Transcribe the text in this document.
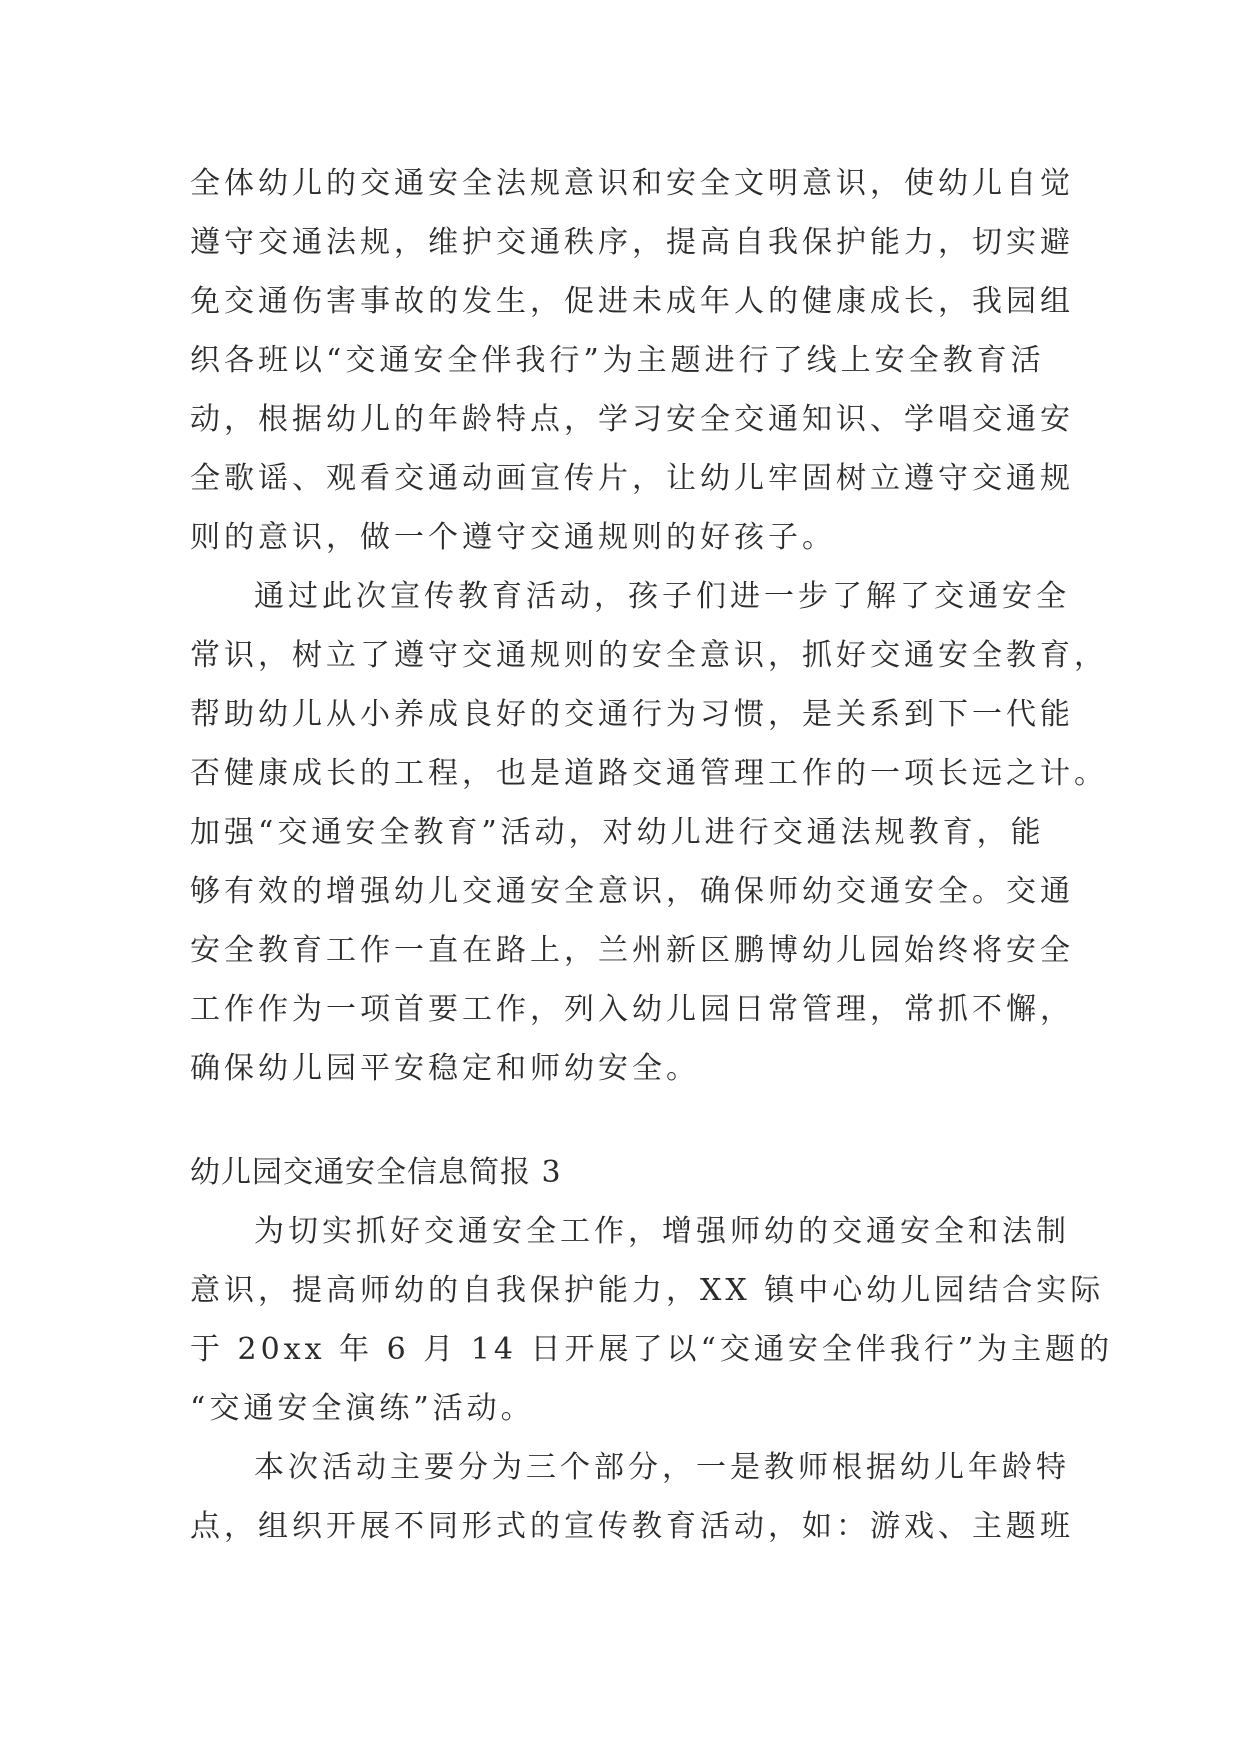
全体幼儿的交通安全法规意识和安全文明意识，使幼儿自觉
遵守交通法规，维护交通秩序，提高自我保护能力，切实避
免交通伤害事故的发生，促进未成年人的健康成长，我园组
织各班以“交通安全伴我行”为主题进行了线上安全教育活
动，根据幼儿的年龄特点，学习安全交通知识、学唱交通安
全歌谣、观看交通动画宣传片，让幼儿牢固树立遵守交通规
则的意识，做一个遵守交通规则的好孩子。

通过此次宣传教育活动，孩子们进一步了解了交通安全
常识，树立了遵守交通规则的安全意识，抓好交通安全教育，
帮助幼儿从小养成良好的交通行为习惯，是关系到下一代能
否健康成长的工程，也是道路交通管理工作的一项长远之计。
加强“交通安全教育”活动，对幼儿进行交通法规教育，能
够有效的增强幼儿交通安全意识，确保师幼交通安全。交通
安全教育工作一直在路上，兰州新区鹏博幼儿园始终将安全
工作作为一项首要工作，列入幼儿园日常管理，常抓不懈，
确保幼儿园平安稳定和师幼安全。

幼儿园交通安全信息简报 3

为切实抓好交通安全工作，增强师幼的交通安全和法制
意识，提高师幼的自我保护能力，XX 镇中心幼儿园结合实际
于 20xx 年 6 月 14 日开展了以“交通安全伴我行”为主题的
“交通安全演练”活动。

本次活动主要分为三个部分，一是教师根据幼儿年龄特
点，组织开展不同形式的宣传教育活动，如：游戏、主题班
